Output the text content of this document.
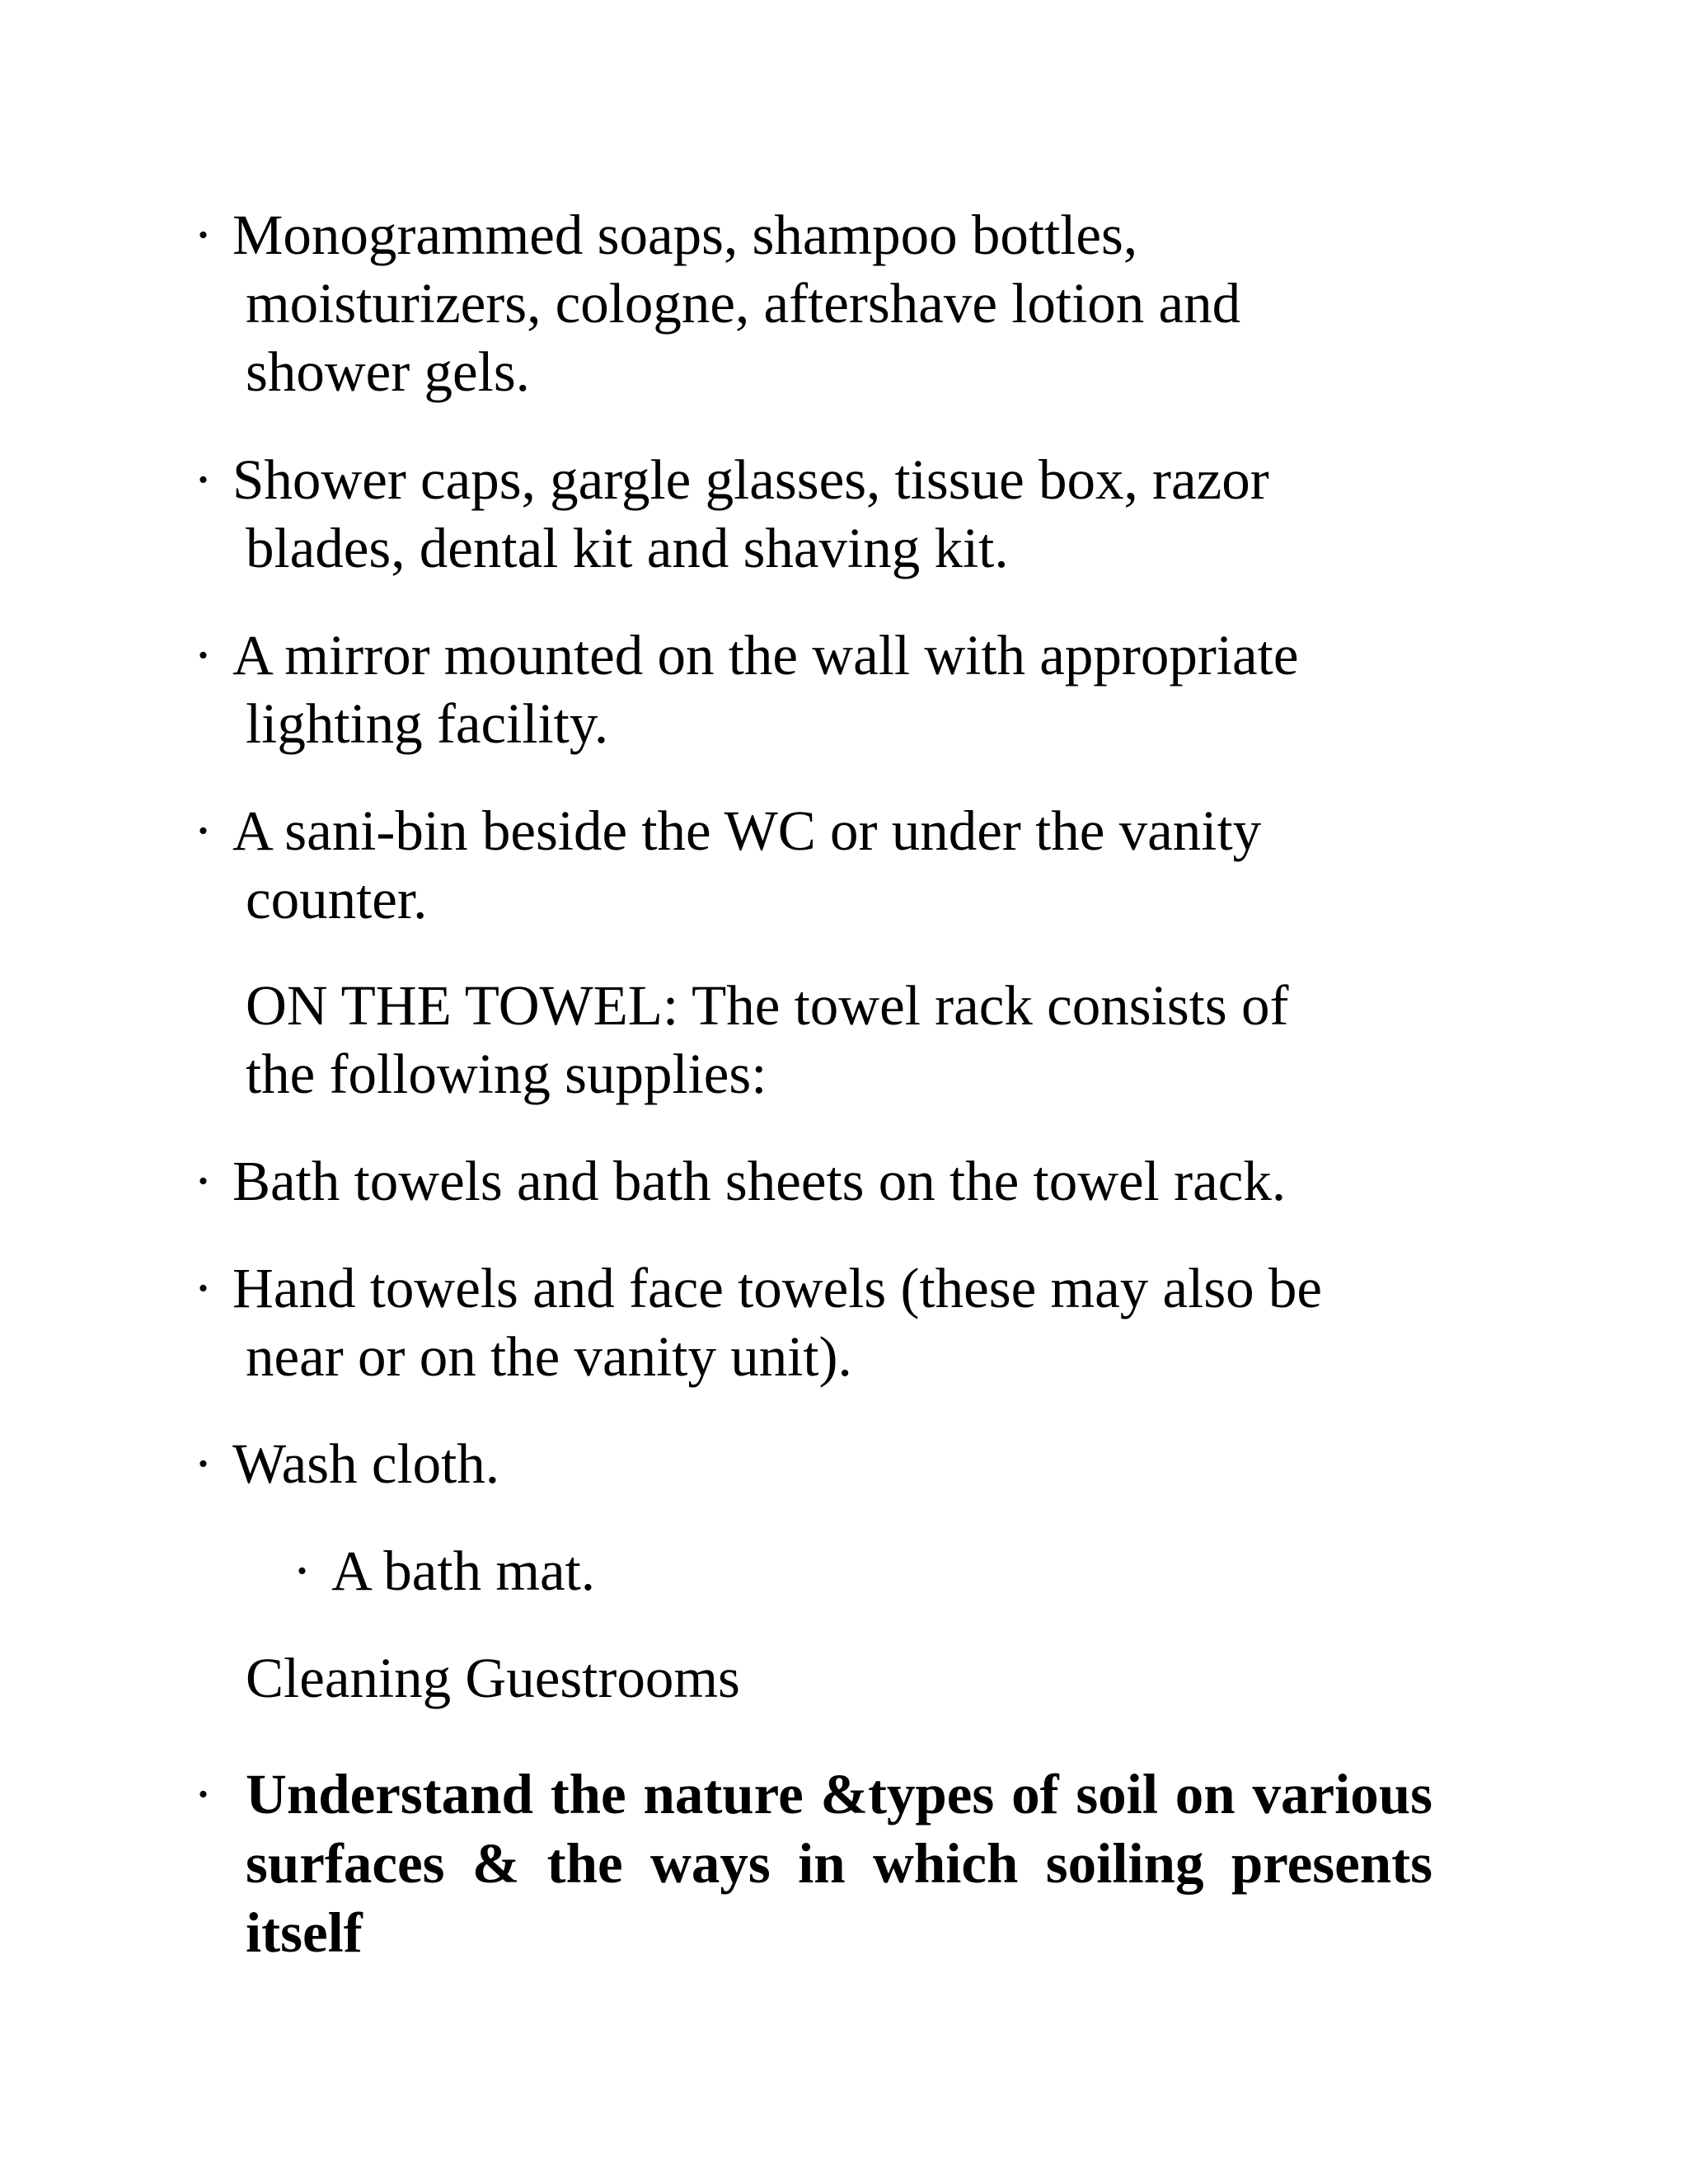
· Monogrammed soaps, shampoo bottles,

moisturizers, cologne, aftershave lotion and

shower gels.

· Shower caps, gargle glasses, tissue box, razor

blades, dental kit and shaving kit.

· A mirror mounted on the wall with appropriate

lighting facility.

· A sani-bin beside the WC or under the vanity

counter.

ON THE TOWEL: The towel rack consists of

the following supplies:

· Bath towels and bath sheets on the towel rack.

· Hand towels and face towels (these may also be

near or on the vanity unit).

· Wash cloth.

· A bath mat.

Cleaning Guestrooms

· Understand the nature &types of soil on various surfaces & the ways in which soiling presents itself
